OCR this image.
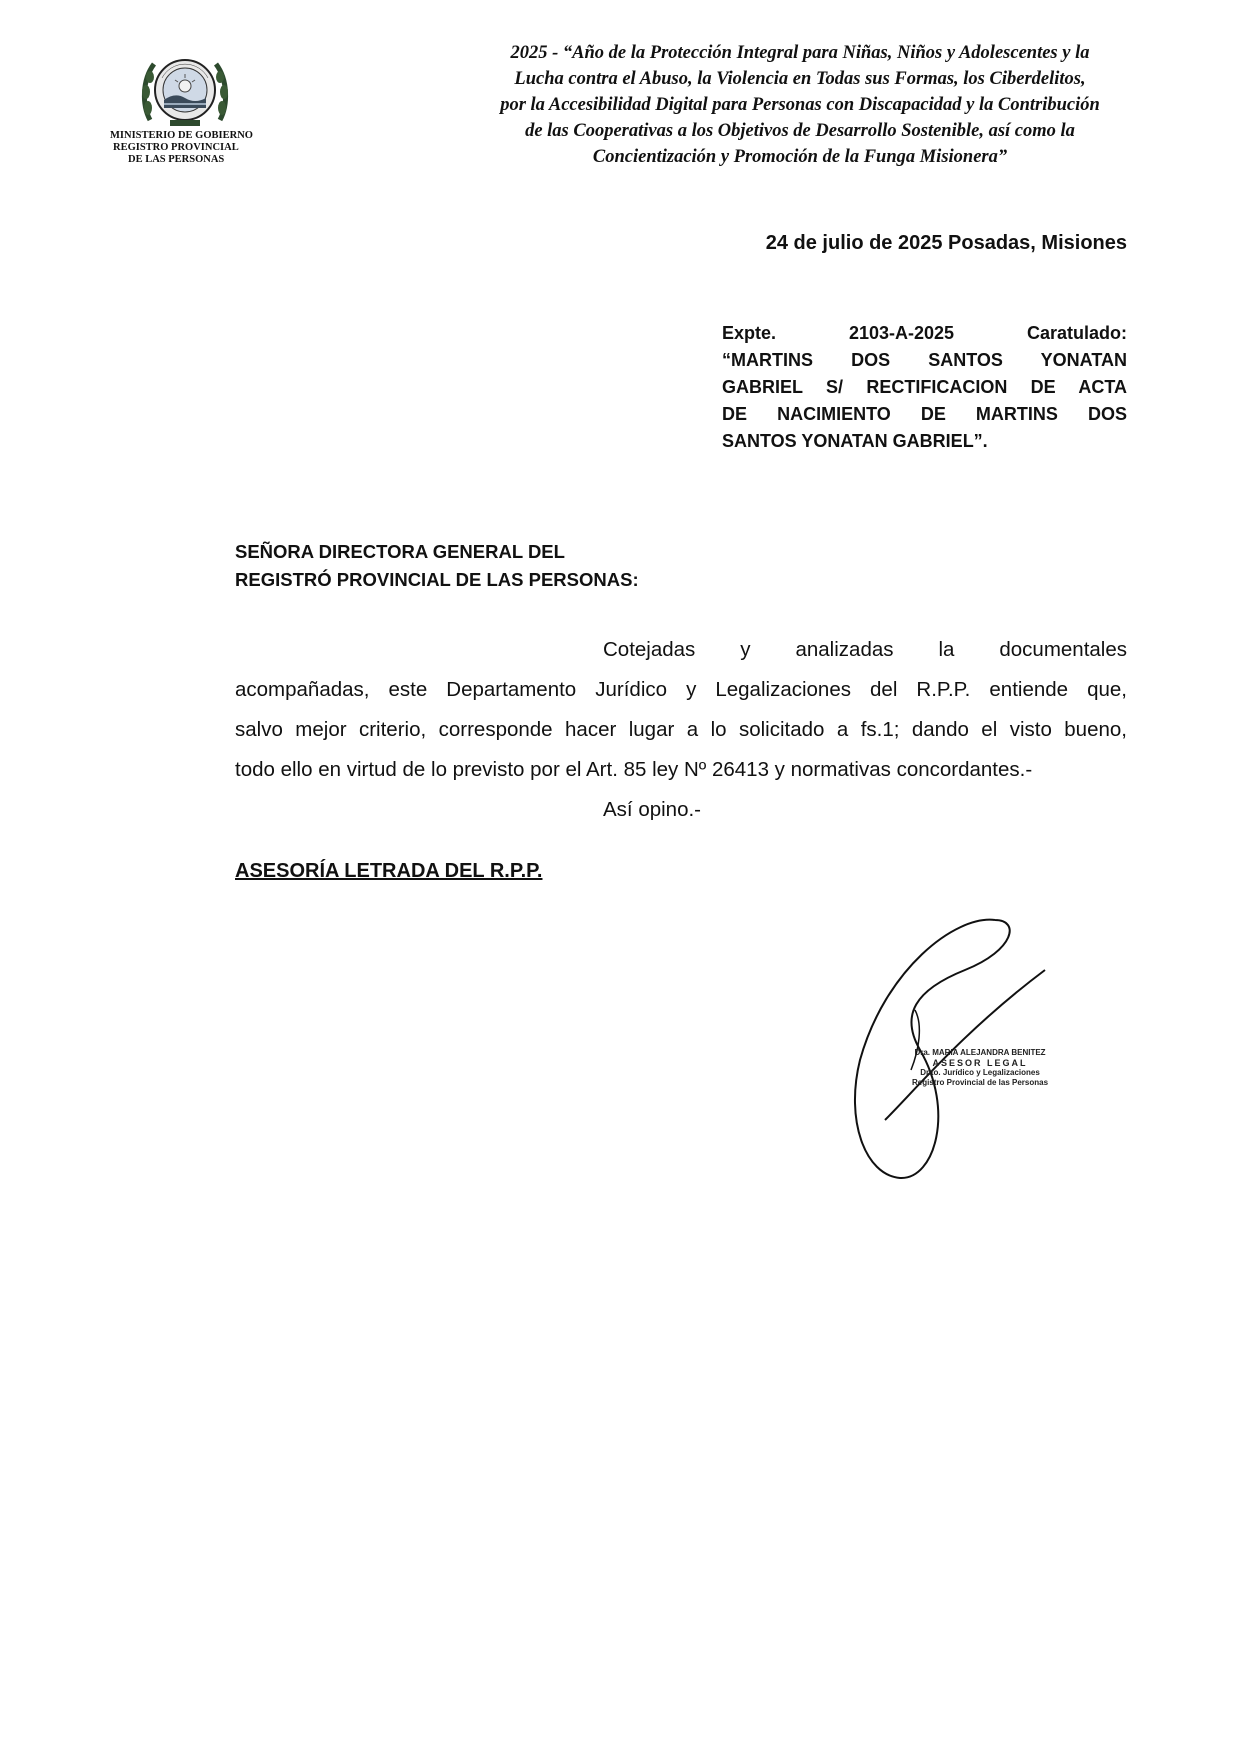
MINISTERIO DE GOBIERNO
REGISTRO PROVINCIAL
DE LAS PERSONAS
2025 - “Año de la Protección Integral para Niñas, Niños y Adolescentes y la
Lucha contra el Abuso, la Violencia en Todas sus Formas, los Ciberdelitos,
por la Accesibilidad Digital para Personas con Discapacidad y la Contribución
de las Cooperativas a los Objetivos de Desarrollo Sostenible, así como la
Concientización y Promoción de la Funga Misionera”
24 de julio de 2025 Posadas, Misiones
Expte. 2103-A-2025 Caratulado:
“MARTINS DOS SANTOS YONATAN
GABRIEL S/ RECTIFICACION DE ACTA
DE NACIMIENTO DE MARTINS DOS
SANTOS YONATAN GABRIEL”.
SEÑORA DIRECTORA GENERAL DEL
REGISTRÓ PROVINCIAL DE LAS PERSONAS:
Cotejadas y analizadas la documentales
acompañadas, este Departamento Jurídico y Legalizaciones del R.P.P. entiende que,
salvo mejor criterio, corresponde hacer lugar a lo solicitado a fs.1; dando el visto bueno,
todo ello en virtud de lo previsto por el Art. 85 ley Nº 26413 y normativas concordantes.-
Así opino.-
ASESORÍA LETRADA DEL R.P.P.
Dra. MARIA ALEJANDRA BENITEZ
ASESOR LEGAL
Dpto. Jurídico y Legalizaciones
Registro Provincial de las Personas
